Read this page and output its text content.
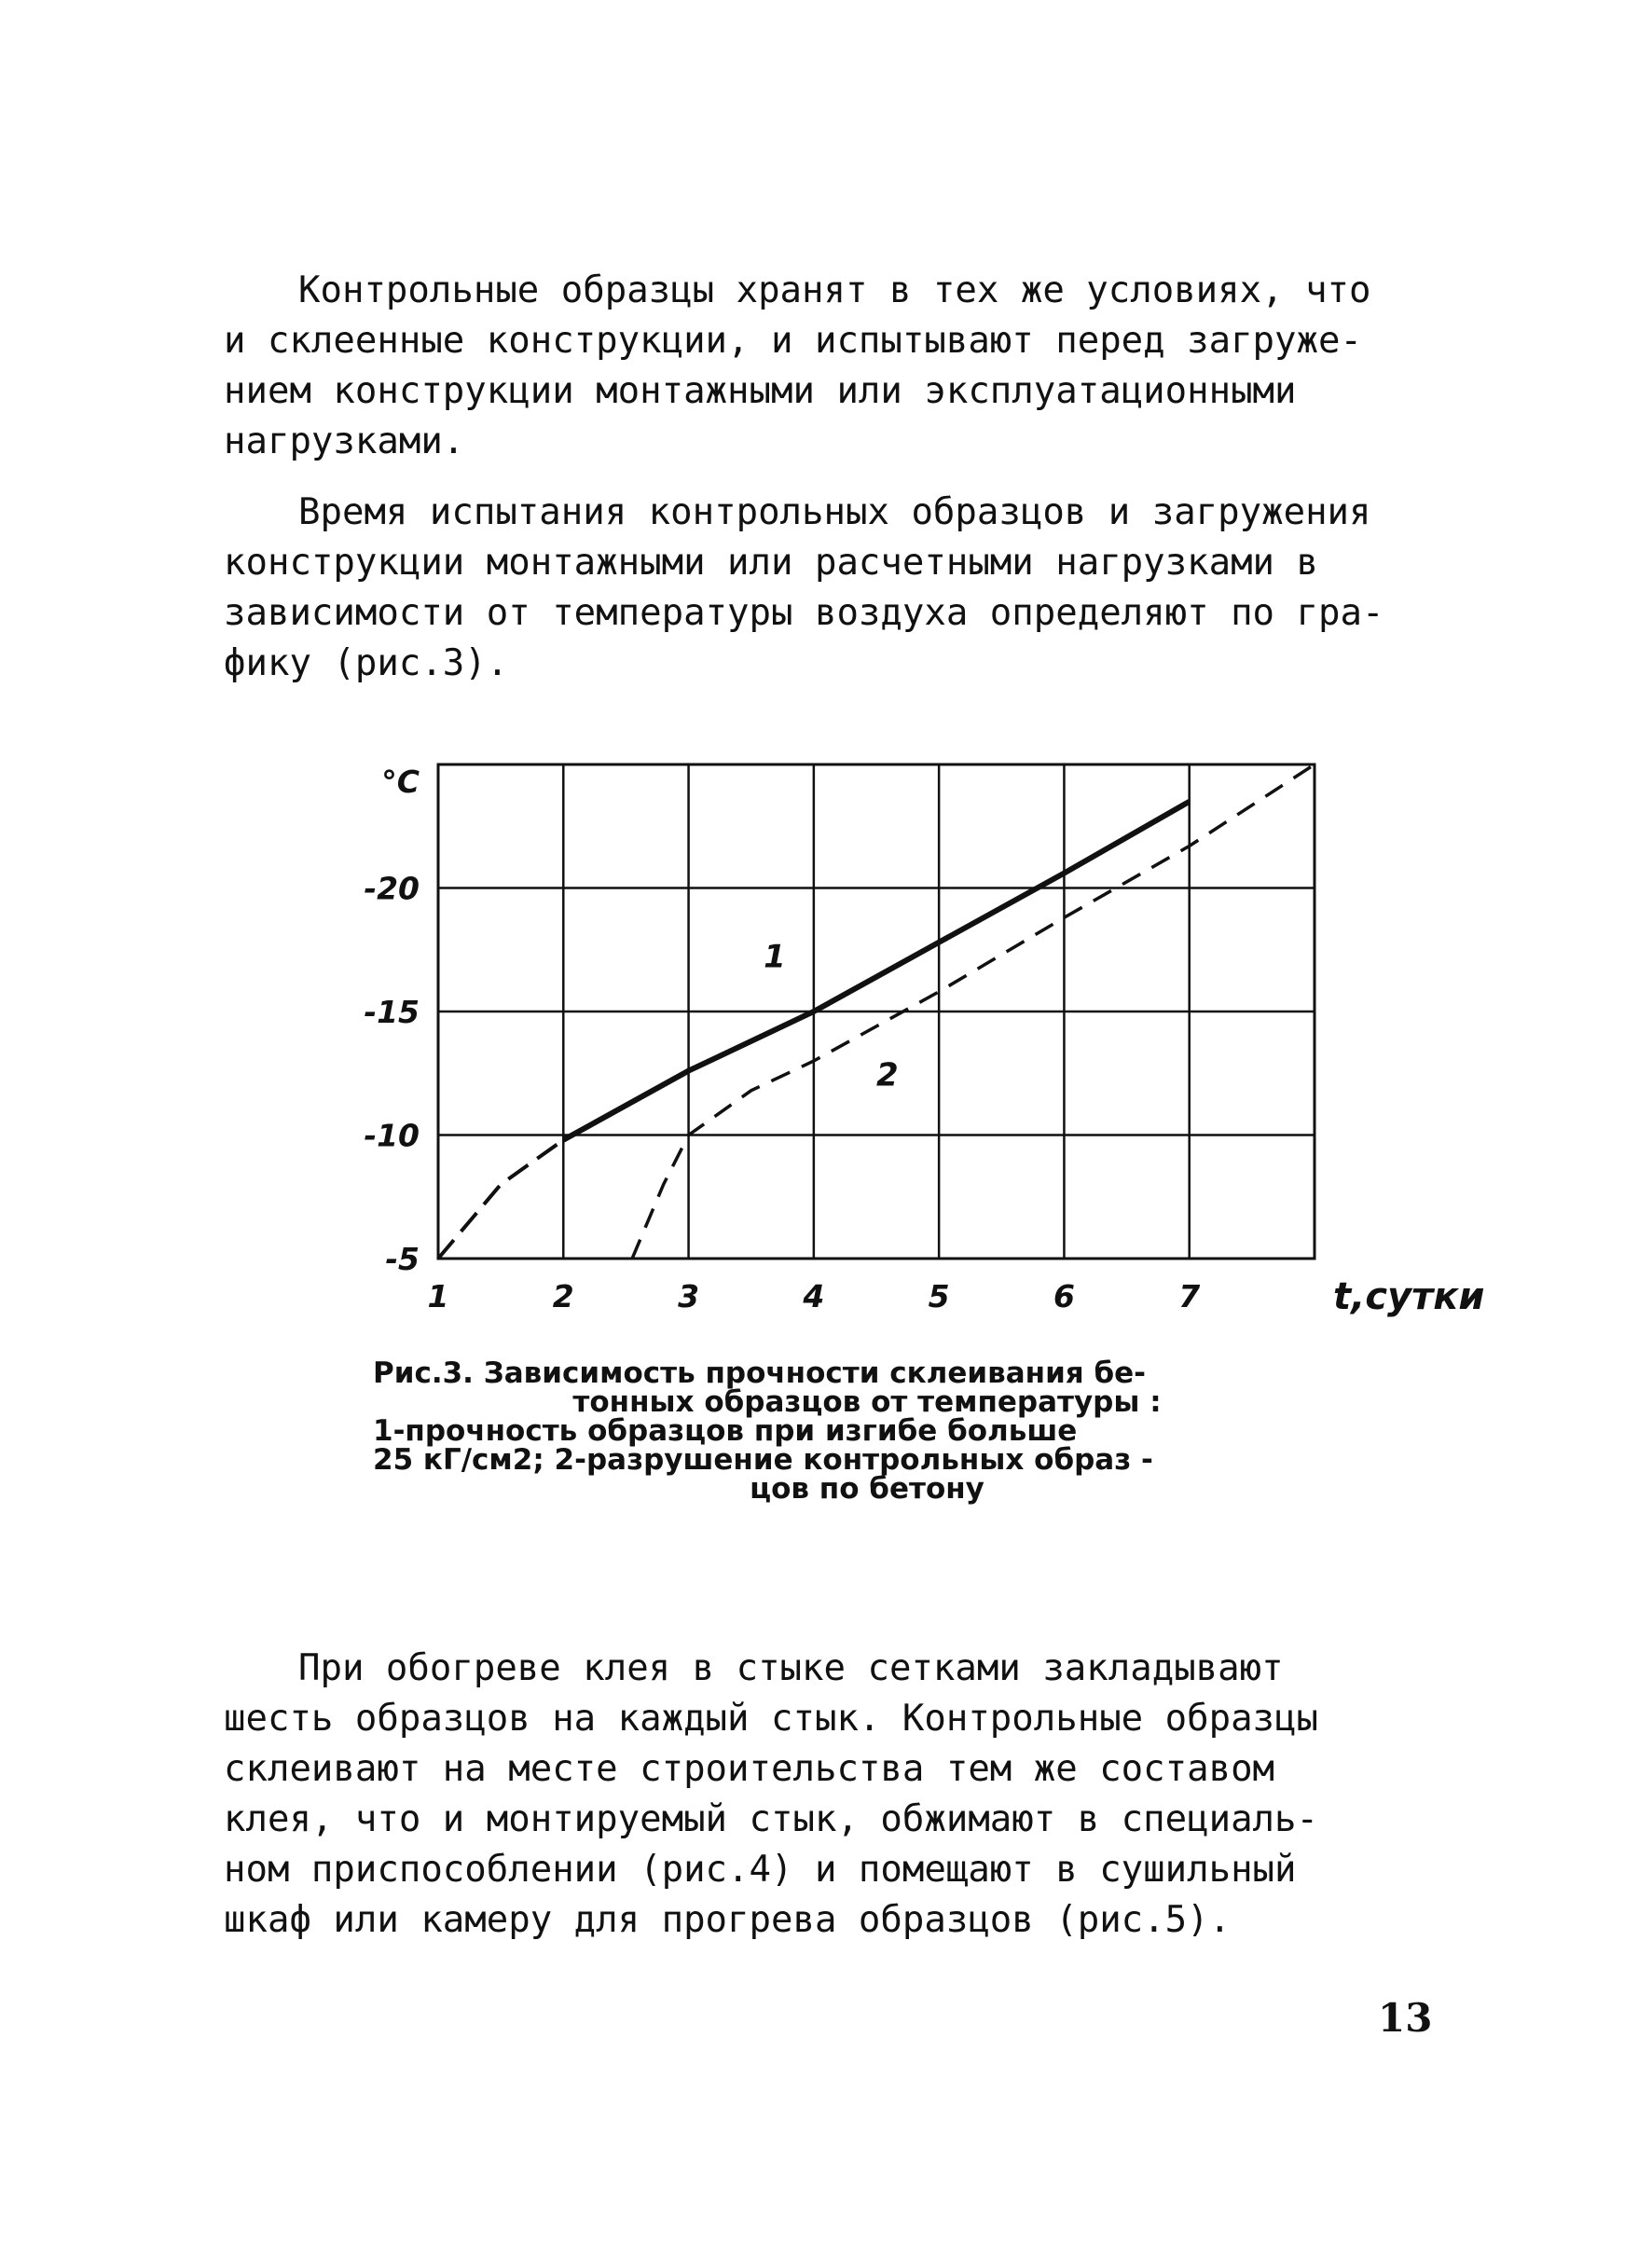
Контрольные образцы хранят в тех же условиях, что
и склеенные конструкции, и испытывают перед загруже-
нием конструкции монтажными или эксплуатационными
нагрузками.
Время испытания контрольных образцов и загружения
конструкции монтажными или расчетными нагрузками в
зависимости от температуры воздуха определяют по гра-
фику (рис.3).
1	2	3	4	5	6	7
-5
-10
-15
-20
°C
t,сутки
1
2
Рис.3. Зависимость прочности склеивания бе-
тонных образцов от температуры :
1-прочность образцов при изгибе больше
25 кГ/см2; 2-разрушение контрольных образ -
цов по бетону
При обогреве клея в стыке сетками закладывают
шесть образцов на каждый стык. Контрольные образцы
склеивают на месте строительства тем же составом
клея, что и монтируемый стык, обжимают в специаль-
ном приспособлении (рис.4) и помещают в сушильный
шкаф или камеру для прогрева образцов (рис.5).
13
